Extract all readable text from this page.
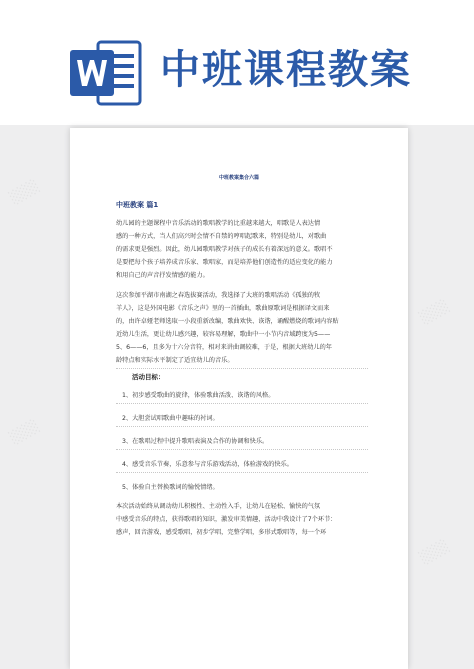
中班课程教案
░░░
░░░
░░░
░░░
中班教案集合六篇
中班教案 篇1
幼儿园的主题课程中音乐活动的歌唱教学的比重越来越大，唱歌是人表达情
感的一种方式，当人们高兴时会情不自禁的哼唱起歌来，特别是幼儿，对歌曲
的需求更是强烈。因此，幼儿园歌唱教学对孩子的成长有着深远的意义。歌唱不
是要把每个孩子培养成音乐家、歌唱家，而是培养他们创造性的适应变化的能力
和用自己的声音抒发情感的能力。
这次参加平湖市南湖之春选拔赛活动，我选择了大班的歌唱活动《孤独的牧
羊人》，这是外国电影《音乐之声》里的一首插曲，歌曲原歌词是根据译文而来
的，由许卓娅老师选取一小段重新改编，歌曲欢快、诙谐，诵醒燃烧的歌词内容贴
近幼儿生活，更让幼儿感兴趣，较容易理解，歌曲中一小节内音域跨度为5——
5、6——6，且多为十六分音符，相对来讲曲调较难，于是，根据大班幼儿的年
龄特点和实际水平制定了适宜幼儿的音乐。
活动目标：
1、初步感受歌曲的旋律，体验歌曲活泼、诙谐的风格。
2、大胆尝试唱歌曲中趣味的衬词。
3、在歌唱过程中提升歌唱表演及合作的协调和快乐。
4、感受音乐节奏，乐意参与音乐游戏活动，体验游戏的快乐。
5、体验自主替换歌词的愉悦情绪。
本次活动始终从调动幼儿积极性、主动性入手，让幼儿在轻松、愉快的气氛
中感受音乐的特点，获得歌唱的知识，激发审美情趣，活动中我设计了7个环节：
感声，回音游戏，感受歌唱，初步学唱，完整学唱，多形式歌唱等，每一个环
